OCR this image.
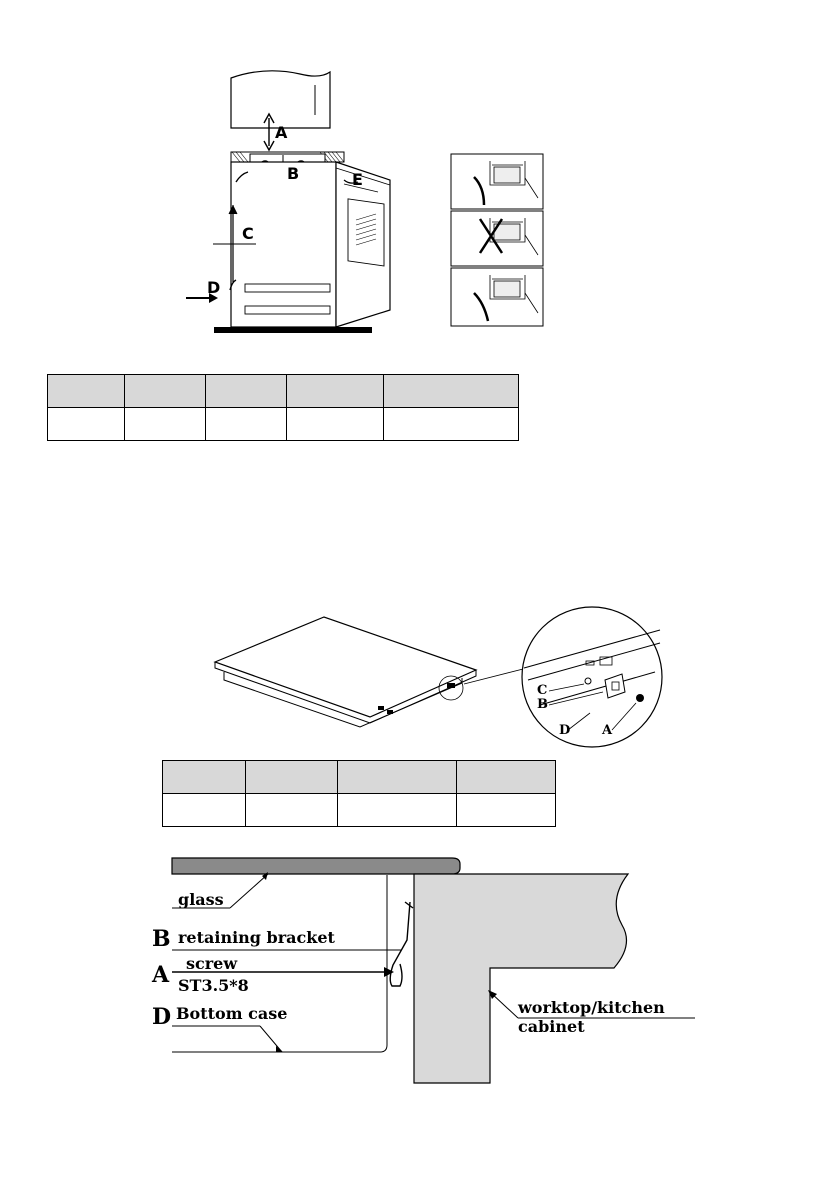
A
B
C
D
E

C
B
D A

glass
B retaining bracket
A screw
ST3.5*8
D Bottom case	worktop/kitchen cabinet
